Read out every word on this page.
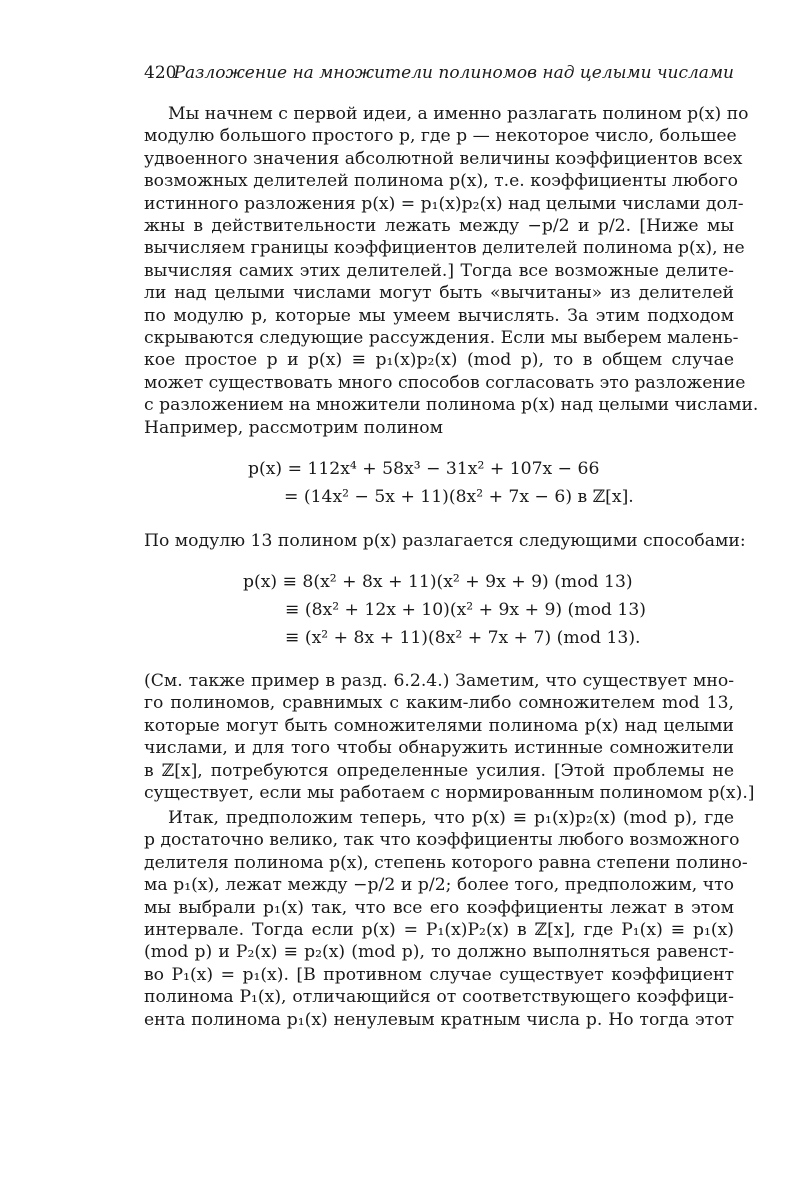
420
Разложение на множители полиномов над целыми числами
Мы начнем с первой идеи, а именно разлагать полином p(x) по
модулю большого простого p, где p — некоторое число, большее
удвоенного значения абсолютной величины коэффициентов всех
возможных делителей полинома p(x), т.е. коэффициенты любого
истинного разложения p(x) = p₁(x)p₂(x) над целыми числами дол-
жны в действительности лежать между −p/2 и p/2. [Ниже мы
вычисляем границы коэффициентов делителей полинома p(x), не
вычисляя самих этих делителей.] Тогда все возможные делите-
ли над целыми числами могут быть «вычитаны» из делителей
по модулю p, которые мы умеем вычислять. За этим подходом
скрываются следующие рассуждения. Если мы выберем малень-
кое простое p и p(x) ≡ p₁(x)p₂(x) (mod p), то в общем случае
может существовать много способов согласовать это разложение
с разложением на множители полинома p(x) над целыми числами.
Например, рассмотрим полином
p(x) = 112x⁴ + 58x³ − 31x² + 107x − 66
= (14x² − 5x + 11)(8x² + 7x − 6) в ℤ[x].
По модулю 13 полином p(x) разлагается следующими способами:
p(x) ≡ 8(x² + 8x + 11)(x² + 9x + 9) (mod 13)
≡ (8x² + 12x + 10)(x² + 9x + 9) (mod 13)
≡ (x² + 8x + 11)(8x² + 7x + 7) (mod 13).
(См. также пример в разд. 6.2.4.) Заметим, что существует мно-
го полиномов, сравнимых с каким-либо сомножителем mod 13,
которые могут быть сомножителями полинома p(x) над целыми
числами, и для того чтобы обнаружить истинные сомножители
в ℤ[x], потребуются определенные усилия. [Этой проблемы не
существует, если мы работаем с нормированным полиномом p(x).]
Итак, предположим теперь, что p(x) ≡ p₁(x)p₂(x) (mod p), где
p достаточно велико, так что коэффициенты любого возможного
делителя полинома p(x), степень которого равна степени полино-
ма p₁(x), лежат между −p/2 и p/2; более того, предположим, что
мы выбрали p₁(x) так, что все его коэффициенты лежат в этом
интервале. Тогда если p(x) = P₁(x)P₂(x) в ℤ[x], где P₁(x) ≡ p₁(x)
(mod p) и P₂(x) ≡ p₂(x) (mod p), то должно выполняться равенст-
во P₁(x) = p₁(x). [В противном случае существует коэффициент
полинома P₁(x), отличающийся от соответствующего коэффици-
ента полинома p₁(x) ненулевым кратным числа p. Но тогда этот
